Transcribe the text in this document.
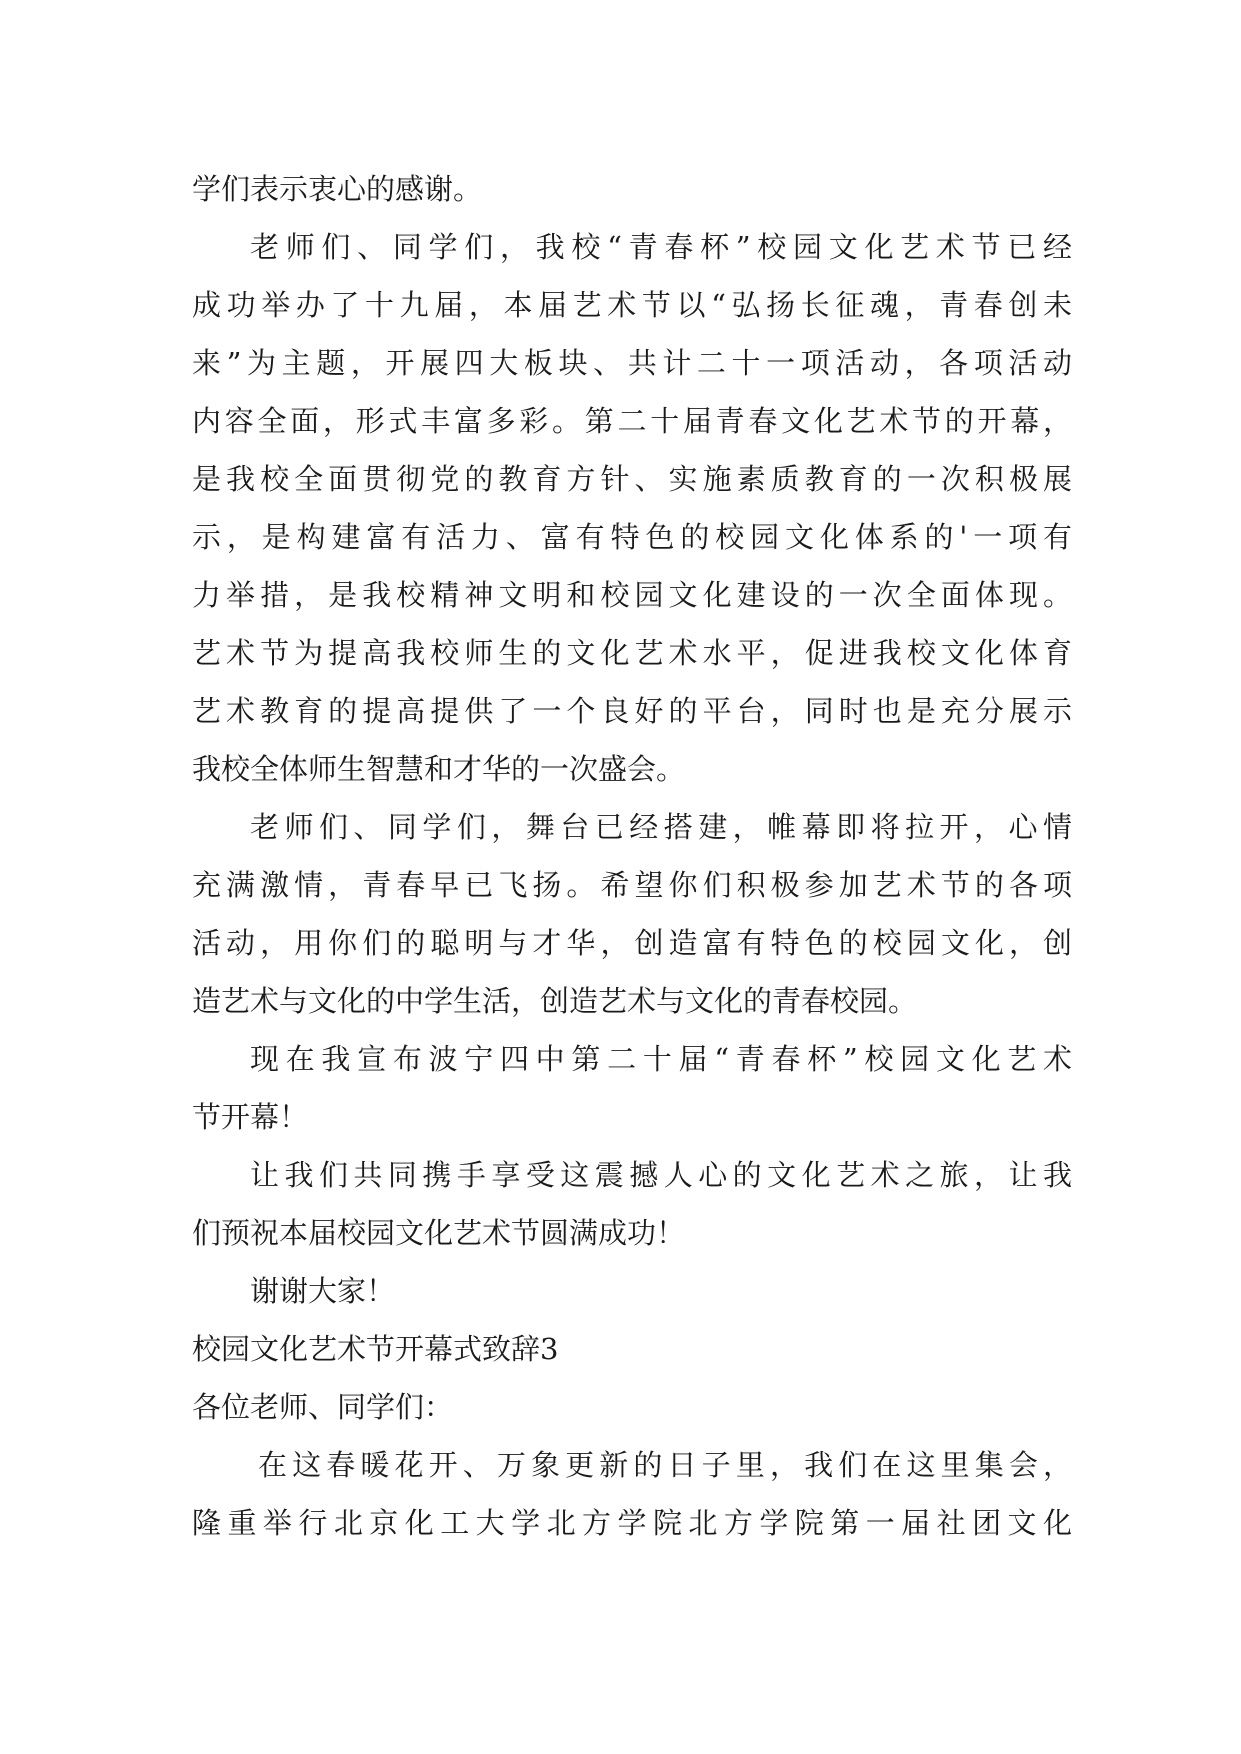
学们表示衷心的感谢。
老师们、同学们，我校“青春杯”校园文化艺术节已经
成功举办了十九届，本届艺术节以“弘扬长征魂，青春创未
来”为主题，开展四大板块、共计二十一项活动，各项活动
内容全面，形式丰富多彩。第二十届青春文化艺术节的开幕，
是我校全面贯彻党的教育方针、实施素质教育的一次积极展
示，是构建富有活力、富有特色的校园文化体系的'一项有
力举措，是我校精神文明和校园文化建设的一次全面体现。
艺术节为提高我校师生的文化艺术水平，促进我校文化体育
艺术教育的提高提供了一个良好的平台，同时也是充分展示
我校全体师生智慧和才华的一次盛会。
老师们、同学们，舞台已经搭建，帷幕即将拉开，心情
充满激情，青春早已飞扬。希望你们积极参加艺术节的各项
活动，用你们的聪明与才华，创造富有特色的校园文化，创
造艺术与文化的中学生活，创造艺术与文化的青春校园。
现在我宣布波宁四中第二十届“青春杯”校园文化艺术
节开幕！
让我们共同携手享受这震撼人心的文化艺术之旅，让我
们预祝本届校园文化艺术节圆满成功！
谢谢大家！
校园文化艺术节开幕式致辞3
各位老师、同学们：
在这春暖花开、万象更新的日子里，我们在这里集会，
隆重举行北京化工大学北方学院北方学院第一届社团文化
